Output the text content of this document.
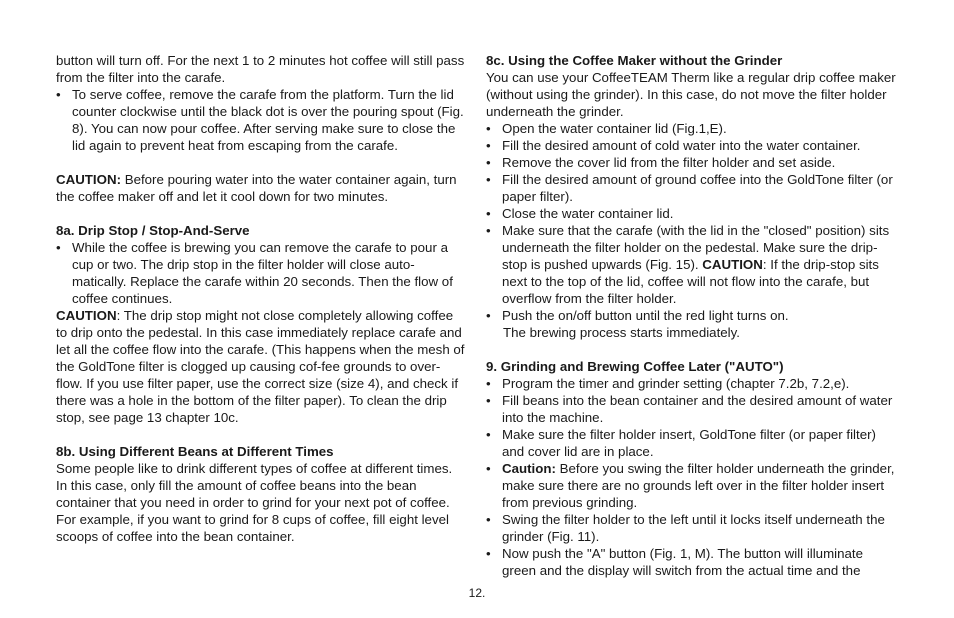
button will turn off. For the next 1 to 2 minutes hot coffee will still pass from the filter into the carafe.

• To serve coffee, remove the carafe from the platform. Turn the lid counter clockwise until the black dot is over the pouring spout (Fig. 8). You can now pour coffee. After serving make sure to close the lid again to prevent heat from escaping from the carafe.

CAUTION: Before pouring water into the water container again, turn the coffee maker off and let it cool down for two minutes.

8a. Drip Stop / Stop-And-Serve
• While the coffee is brewing you can remove the carafe to pour a cup or two. The drip stop in the filter holder will close auto-matically. Replace the carafe within 20 seconds. Then the flow of coffee continues.

CAUTION: The drip stop might not close completely allowing coffee to drip onto the pedestal. In this case immediately replace carafe and let all the coffee flow into the carafe. (This happens when the mesh of the GoldTone filter is clogged up causing cof-fee grounds to over-flow. If you use filter paper, use the correct size (size 4), and check if there was a hole in the bottom of the filter paper). To clean the drip stop, see page 13 chapter 10c.

8b. Using Different Beans at Different Times

Some people like to drink different types of coffee at different times. In this case, only fill the amount of coffee beans into the bean container that you need in order to grind for your next pot of coffee. For example, if you want to grind for 8 cups of coffee, fill eight level scoops of coffee into the bean container.

8c. Using the Coffee Maker without the Grinder

You can use your CoffeeTEAM Therm like a regular drip coffee maker (without using the grinder). In this case, do not move the filter holder underneath the grinder.

• Open the water container lid (Fig.1,E).
• Fill the desired amount of cold water into the water container.
• Remove the cover lid from the filter holder and set aside.
• Fill the desired amount of ground coffee into the GoldTone filter (or paper filter).
• Close the water container lid.
• Make sure that the carafe (with the lid in the "closed" position) sits underneath the filter holder on the pedestal. Make sure the drip-stop is pushed upwards (Fig. 15). CAUTION: If the drip-stop sits next to the top of the lid, coffee will not flow into the carafe, but overflow from the filter holder.
• Push the on/off button until the red light turns on.

The brewing process starts immediately.

9. Grinding and Brewing Coffee Later ("AUTO")
• Program the timer and grinder setting (chapter 7.2b, 7.2,e).
• Fill beans into the bean container and the desired amount of water into the machine.
• Make sure the filter holder insert, GoldTone filter (or paper filter) and cover lid are in place.
• Caution: Before you swing the filter holder underneath the grinder, make sure there are no grounds left over in the filter holder insert from previous grinding.
• Swing the filter holder to the left until it locks itself underneath the grinder (Fig. 11).
• Now push the "A" button (Fig. 1, M). The button will illuminate green and the display will switch from the actual time and the
12.
